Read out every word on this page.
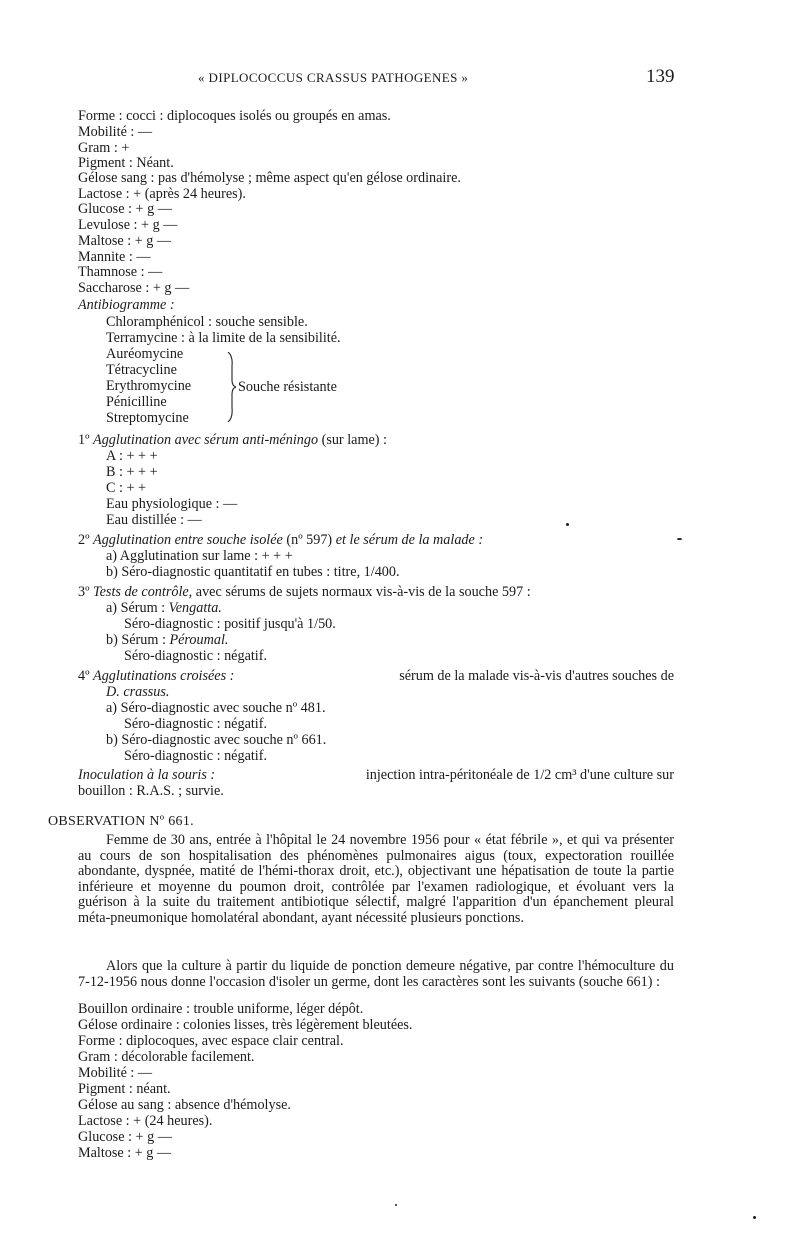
« DIPLOCOCCUS CRASSUS PATHOGENES »	139
Forme : cocci : diplocoques isolés ou groupés en amas.
Mobilité : —
Gram : +
Pigment : Néant.
Gélose sang : pas d'hémolyse ; même aspect qu'en gélose ordinaire.
Lactose : + (après 24 heures).
Glucose : + g —
Levulose : + g —
Maltose : + g —
Mannite : —
Thamnose : —
Saccharose : + g —
Antibiogramme :
Chloramphénicol : souche sensible.
Terramycine : à la limite de la sensibilité.
Auréomycine
Tétracycline
Erythromycine
Pénicilline
Streptomycine
Souche résistante
1º Agglutination avec sérum anti-méningo (sur lame) :
A : + + +
B : + + +
C : + +
Eau physiologique : —
Eau distillée : —
2º Agglutination entre souche isolée (nº 597) et le sérum de la malade :
a) Agglutination sur lame : + + +
b) Séro-diagnostic quantitatif en tubes : titre, 1/400.
3º Tests de contrôle, avec sérums de sujets normaux vis-à-vis de la souche 597 :
a) Sérum : Vengatta.
Séro-diagnostic : positif jusqu'à 1/50.
b) Sérum : Péroumal.
Séro-diagnostic : négatif.
4º Agglutinations croisées :	sérum de la malade vis-à-vis d'autres souches de
D. crassus.
a) Séro-diagnostic avec souche nº 481.
Séro-diagnostic : négatif.
b) Séro-diagnostic avec souche nº 661.
Séro-diagnostic : négatif.
Inoculation à la souris :	injection intra-péritonéale de 1/2 cm³ d'une culture sur
bouillon : R.A.S. ; survie.
OBSERVATION Nº 661.
Femme de 30 ans, entrée à l'hôpital le 24 novembre 1956 pour « état fébrile », et qui va présenter au cours de son hospitalisation des phénomènes pulmonaires aigus (toux, expectoration rouillée abondante, dyspnée, matité de l'hémi-thorax droit, etc.), objectivant une hépatisation de toute la partie inférieure et moyenne du poumon droit, contrôlée par l'examen radiologique, et évoluant vers la guérison à la suite du traitement antibiotique sélectif, malgré l'apparition d'un épanchement pleural méta-pneumonique homolatéral abondant, ayant nécessité plusieurs ponctions.
Alors que la culture à partir du liquide de ponction demeure négative, par contre l'hémoculture du 7-12-1956 nous donne l'occasion d'isoler un germe, dont les caractères sont les suivants (souche 661) :
Bouillon ordinaire : trouble uniforme, léger dépôt.
Gélose ordinaire : colonies lisses, très légèrement bleutées.
Forme : diplocoques, avec espace clair central.
Gram : décolorable facilement.
Mobilité : —
Pigment : néant.
Gélose au sang : absence d'hémolyse.
Lactose : + (24 heures).
Glucose : + g —
Maltose : + g —
